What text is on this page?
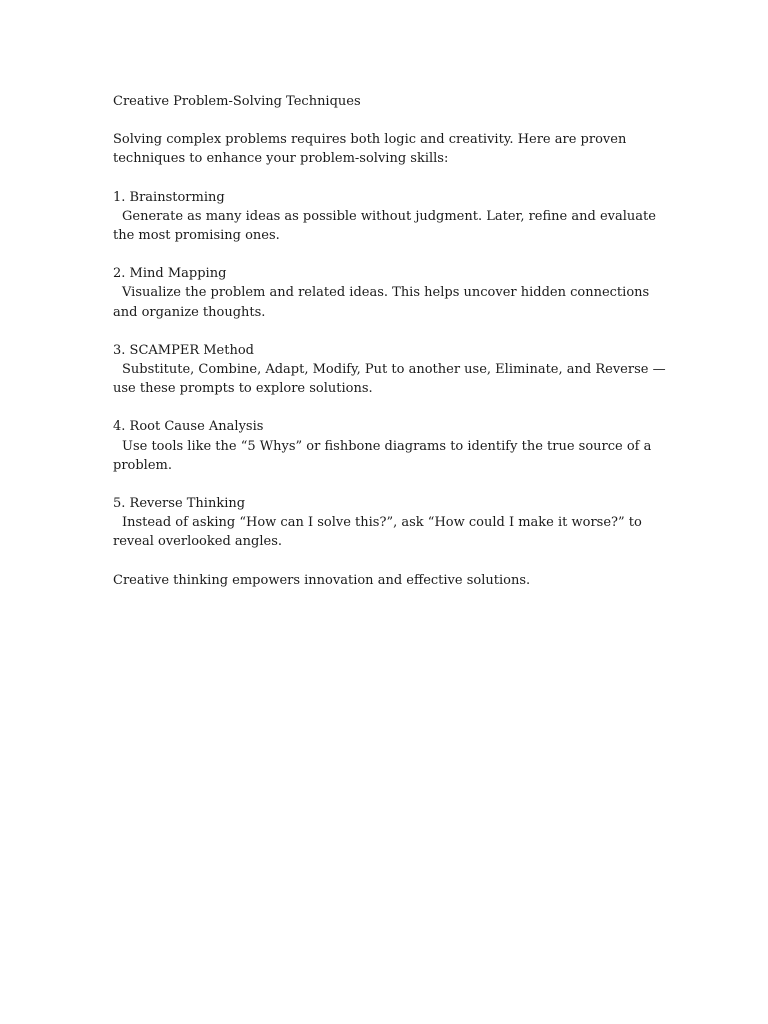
Creative Problem-Solving Techniques

Solving complex problems requires both logic and creativity. Here are proven techniques to enhance your problem-solving skills:

1. Brainstorming
Generate as many ideas as possible without judgment. Later, refine and evaluate the most promising ones.
2. Mind Mapping
Visualize the problem and related ideas. This helps uncover hidden connections and organize thoughts.
3. SCAMPER Method
Substitute, Combine, Adapt, Modify, Put to another use, Eliminate, and Reverse — use these prompts to explore solutions.
4. Root Cause Analysis
Use tools like the “5 Whys” or fishbone diagrams to identify the true source of a problem.
5. Reverse Thinking
Instead of asking “How can I solve this?”, ask “How could I make it worse?” to reveal overlooked angles.

Creative thinking empowers innovation and effective solutions.
